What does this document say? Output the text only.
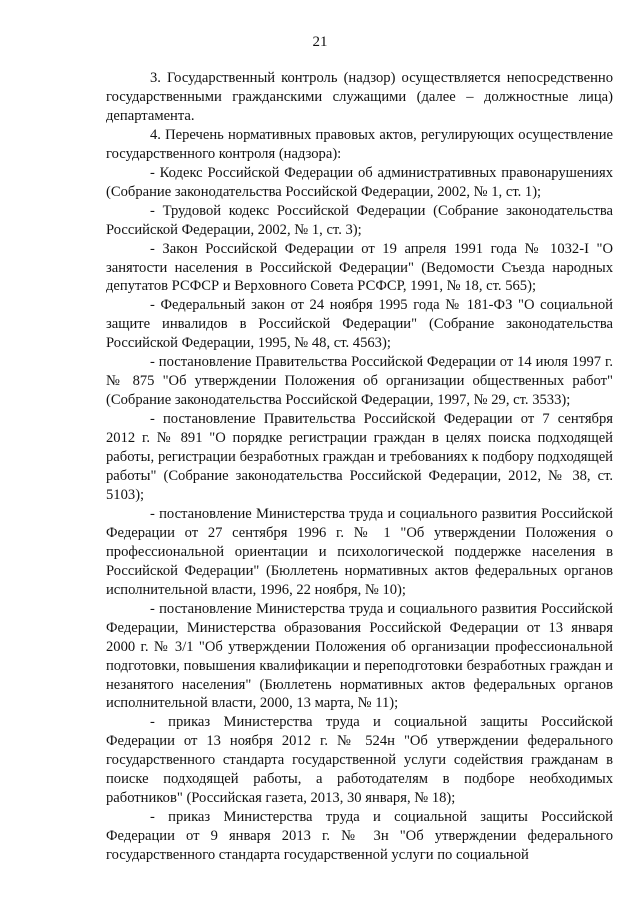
21

3. Государственный контроль (надзор) осуществляется непосредственно государственными гражданскими служащими (далее – должностные лица) департамента.

4. Перечень нормативных правовых актов, регулирующих осуществление государственного контроля (надзора):

- Кодекс Российской Федерации об административных правонарушениях (Собрание законодательства Российской Федерации, 2002, № 1, ст. 1);

- Трудовой кодекс Российской Федерации (Собрание законодательства Российской Федерации, 2002, № 1, ст. 3);

- Закон Российской Федерации от 19 апреля 1991 года № 1032-I "О занятости населения в Российской Федерации" (Ведомости Съезда народных депутатов РСФСР и Верховного Совета РСФСР, 1991, № 18, ст. 565);

- Федеральный закон от 24 ноября 1995 года № 181-ФЗ "О социальной защите инвалидов в Российской Федерации" (Собрание законодательства Российской Федерации, 1995, № 48, ст. 4563);

- постановление Правительства Российской Федерации от 14 июля 1997 г. № 875 "Об утверждении Положения об организации общественных работ" (Собрание законодательства Российской Федерации, 1997, № 29, ст. 3533);

- постановление Правительства Российской Федерации от 7 сентября 2012 г. № 891 "О порядке регистрации граждан в целях поиска подходящей работы, регистрации безработных граждан и требованиях к подбору подходящей работы" (Собрание законодательства Российской Федерации, 2012, № 38, ст. 5103);

- постановление Министерства труда и социального развития Российской Федерации от 27 сентября 1996 г. № 1 "Об утверждении Положения о профессиональной ориентации и психологической поддержке населения в Российской Федерации" (Бюллетень нормативных актов федеральных органов исполнительной власти, 1996, 22 ноября, № 10);

- постановление Министерства труда и социального развития Российской Федерации, Министерства образования Российской Федерации от 13 января 2000 г. № 3/1 "Об утверждении Положения об организации профессиональной подготовки, повышения квалификации и переподготовки безработных граждан и незанятого населения" (Бюллетень нормативных актов федеральных органов исполнительной власти, 2000, 13 марта, № 11);

- приказ Министерства труда и социальной защиты Российской Федерации от 13 ноября 2012 г. № 524н "Об утверждении федерального государственного стандарта государственной услуги содействия гражданам в поиске подходящей работы, а работодателям в подборе необходимых работников" (Российская газета, 2013, 30 января, № 18);

- приказ Министерства труда и социальной защиты Российской Федерации от 9 января 2013 г. № 3н "Об утверждении федерального государственного стандарта государственной услуги по социальной
